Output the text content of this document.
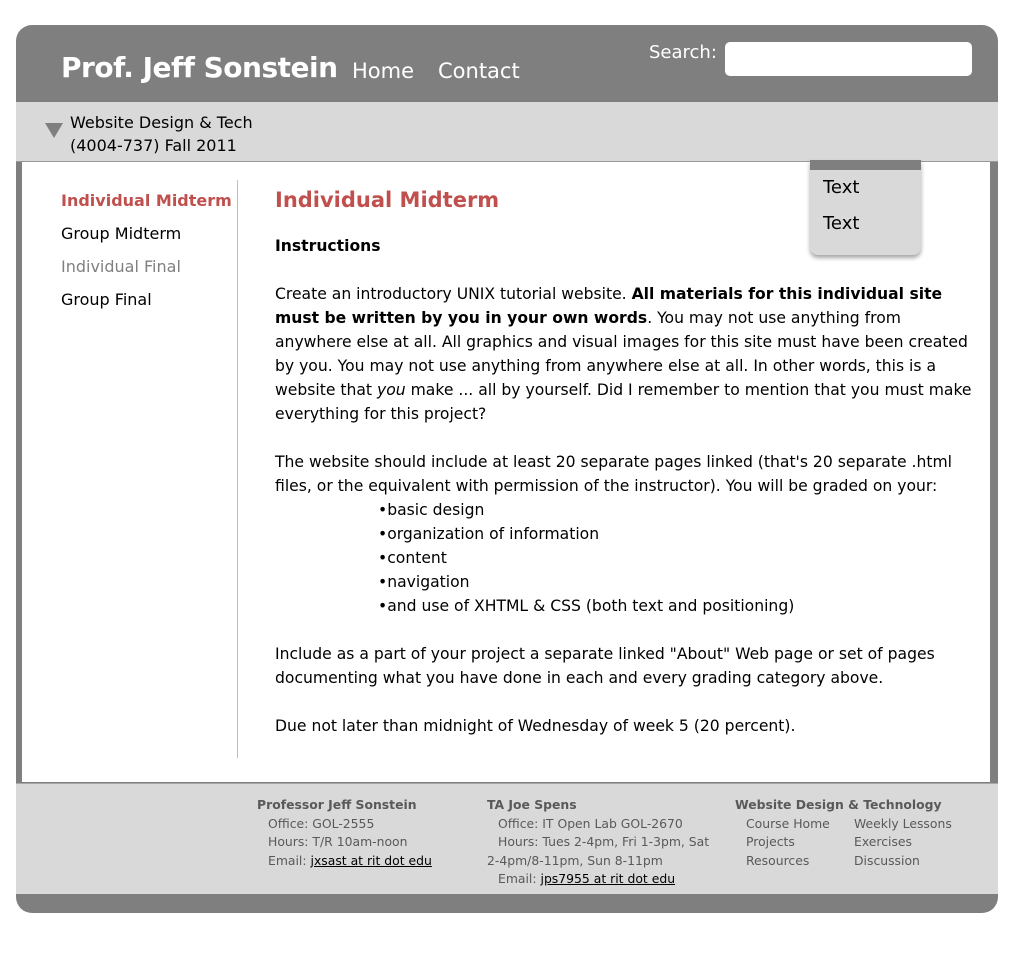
Prof. Jeff Sonstein Home Contact
Search:
Website Design & Tech
(4004-737) Fall 2011
Individual Midterm
Group Midterm
Individual Final
Group Final
Individual Midterm
Instructions

Create an introductory UNIX tutorial website. All materials for this individual site must be written by you in your own words. You may not use anything from anywhere else at all. All graphics and visual images for this site must have been created by you. You may not use anything from anywhere else at all. In other words, this is a website that you make ... all by yourself. Did I remember to mention that you must make everything for this project?

The website should include at least 20 separate pages linked (that's 20 separate .html files, or the equivalent with permission of the instructor). You will be graded on your:

• basic design
• organization of information
• content
• navigation
• and use of XHTML & CSS (both text and positioning)

Include as a part of your project a separate linked "About" Web page or set of pages documenting what you have done in each and every grading category above.

Due not later than midnight of Wednesday of week 5 (20 percent).

Text
Text
Professor Jeff Sonstein
Office: GOL-2555
Hours: T/R 10am-noon
Email: jxsast at rit dot edu
TA Joe Spens
Office: IT Open Lab GOL-2670
Hours: Tues 2-4pm, Fri 1-3pm, Sat
2-4pm/8-11pm, Sun 8-11pm
Email: jps7955 at rit dot edu
Website Design & Technology
Course Home	Weekly Lessons
Projects	Exercises
Resources	Discussion
